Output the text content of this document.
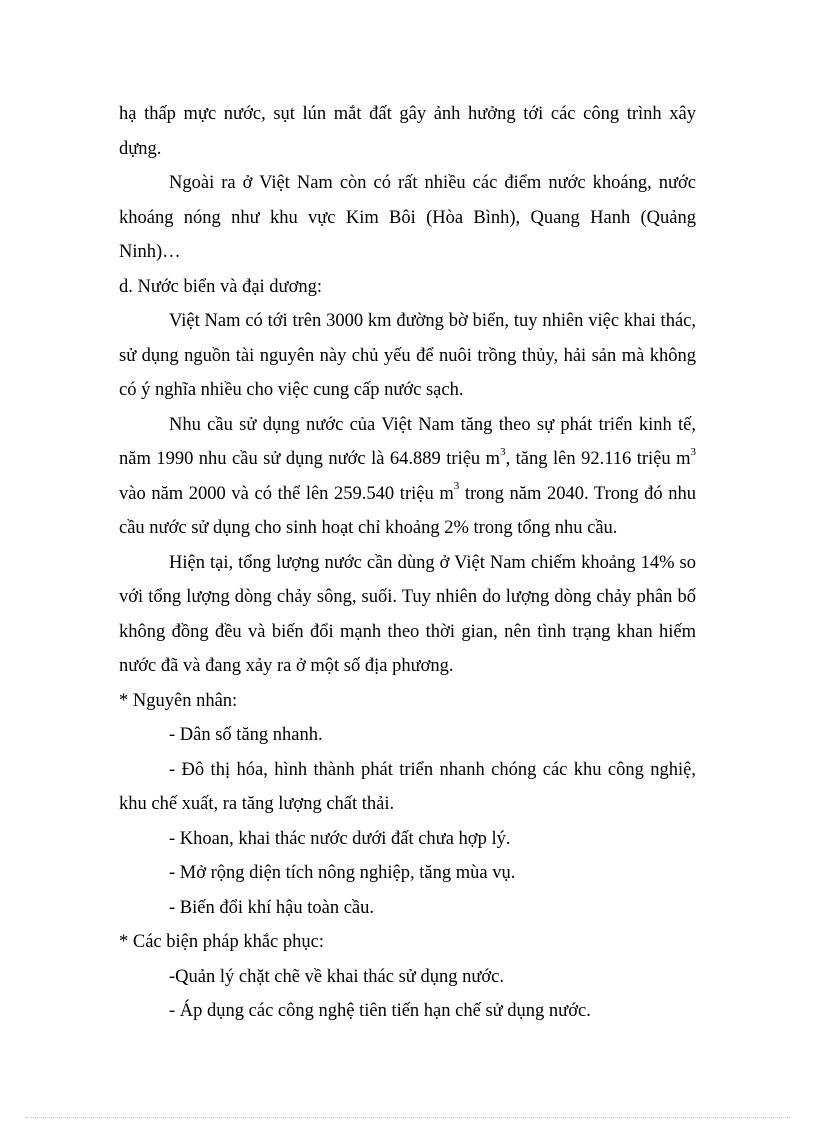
hạ thấp mực nước, sụt lún mắt đất gây ảnh hưởng tới các công trình xây dựng.

Ngoài ra ở Việt Nam còn có rất nhiều các điểm nước khoáng, nước khoáng nóng như khu vực Kim Bôi (Hòa Bình), Quang Hanh (Quảng Ninh)…

d. Nước biển và đại dương:

Việt Nam có tới trên 3000 km đường bờ biển, tuy nhiên việc khai thác, sử dụng nguồn tài nguyên này chủ yếu để nuôi trồng thủy, hải sản mà không có ý nghĩa nhiều cho việc cung cấp nước sạch.

Nhu cầu sử dụng nước của Việt Nam tăng theo sự phát triển kinh tế, năm 1990 nhu cầu sử dụng nước là 64.889 triệu $m^3$, tăng lên 92.116 triệu $m^3$ vào năm 2000 và có thể lên 259.540 triệu $m^3$ trong năm 2040. Trong đó nhu cầu nước sử dụng cho sinh hoạt chỉ khoảng 2% trong tổng nhu cầu.

Hiện tại, tổng lượng nước cần dùng ở Việt Nam chiếm khoảng 14% so với tổng lượng dòng chảy sông, suối. Tuy nhiên do lượng dòng chảy phân bố không đồng đều và biến đổi mạnh theo thời gian, nên tình trạng khan hiếm nước đã và đang xảy ra ở một số địa phương.

* Nguyên nhân:

- Dân số tăng nhanh.

- Đô thị hóa, hình thành phát triển nhanh chóng các khu công nghiệ, khu chế xuất, ra tăng lượng chất thải.

- Khoan, khai thác nước dưới đất chưa hợp lý.

- Mở rộng diện tích nông nghiệp, tăng mùa vụ.

- Biến đổi khí hậu toàn cầu.

* Các biện pháp khắc phục:

-Quản lý chặt chẽ về khai thác sử dụng nước.

- Áp dụng các công nghệ tiên tiến hạn chế sử dụng nước.
